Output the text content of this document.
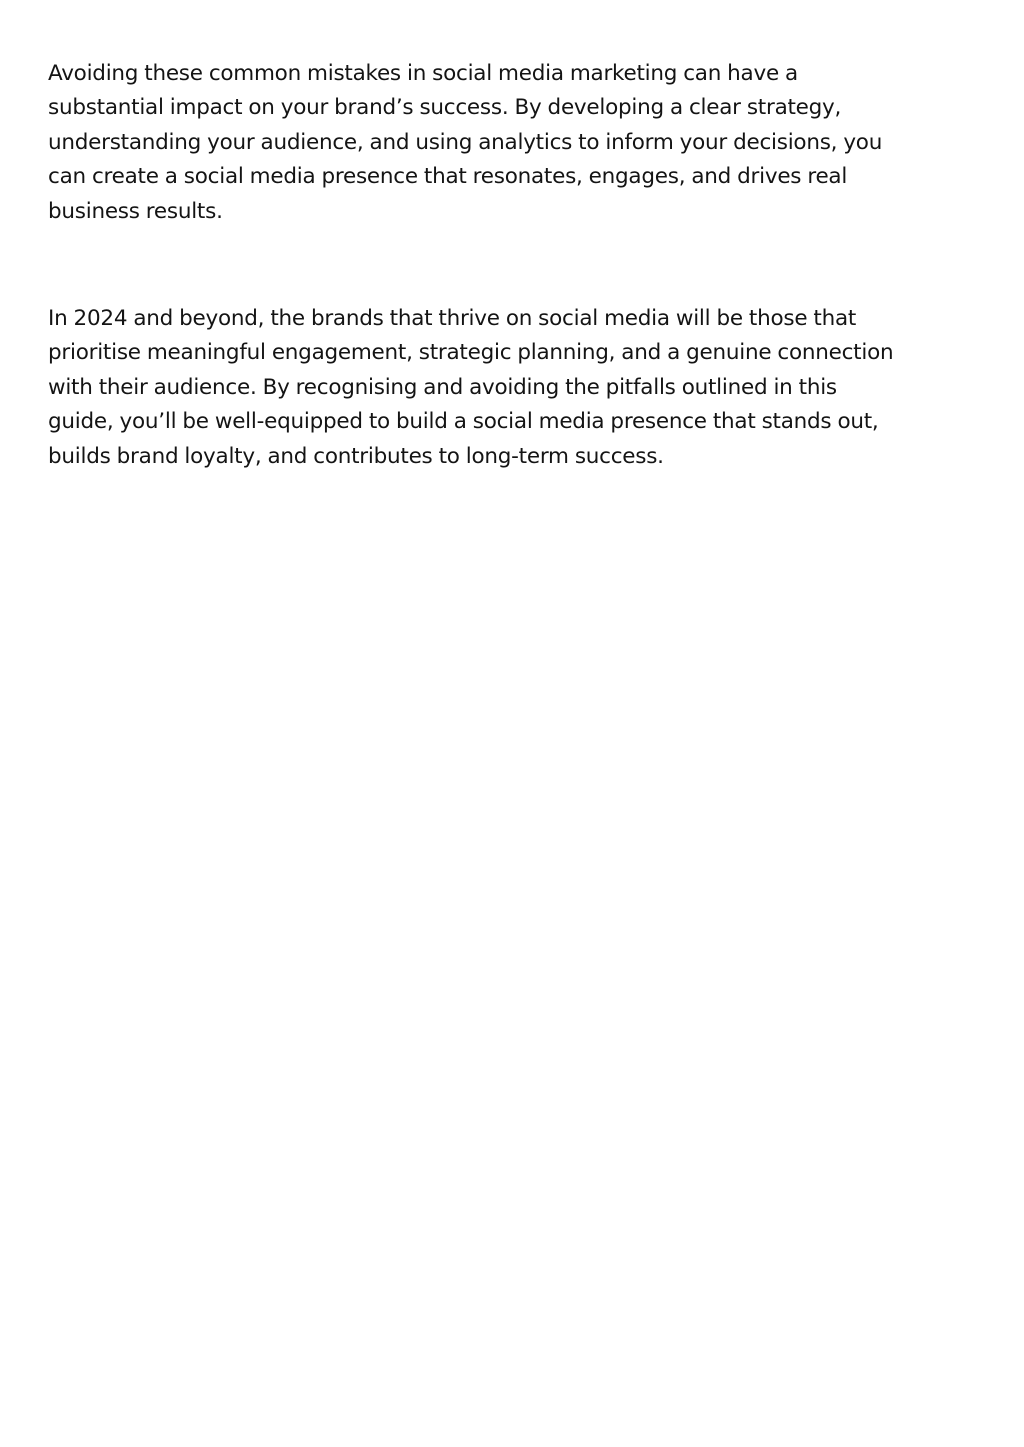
Avoiding these common mistakes in social media marketing can have a
substantial impact on your brand’s success. By developing a clear strategy,
understanding your audience, and using analytics to inform your decisions, you
can create a social media presence that resonates, engages, and drives real
business results.

In 2024 and beyond, the brands that thrive on social media will be those that
prioritise meaningful engagement, strategic planning, and a genuine connection
with their audience. By recognising and avoiding the pitfalls outlined in this
guide, you’ll be well-equipped to build a social media presence that stands out,
builds brand loyalty, and contributes to long-term success.
